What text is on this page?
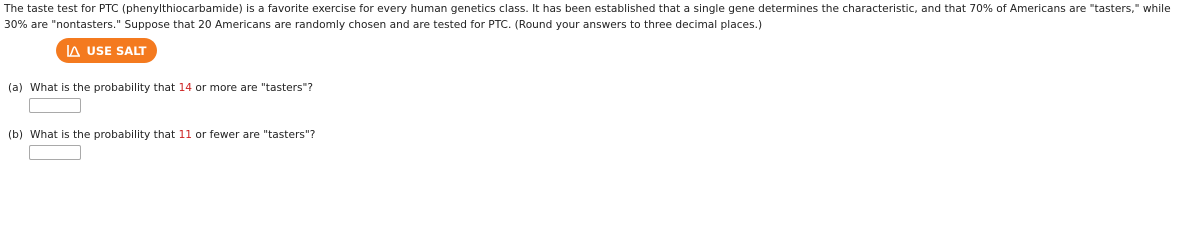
The taste test for PTC (phenylthiocarbamide) is a favorite exercise for every human genetics class. It has been established that a single gene determines the characteristic, and that 70% of Americans are "tasters," while 30% are "nontasters." Suppose that 20 Americans are randomly chosen and are tested for PTC. (Round your answers to three decimal places.)

USE SALT
(a) What is the probability that 14 or more are "tasters"?
(b) What is the probability that 11 or fewer are "tasters"?
